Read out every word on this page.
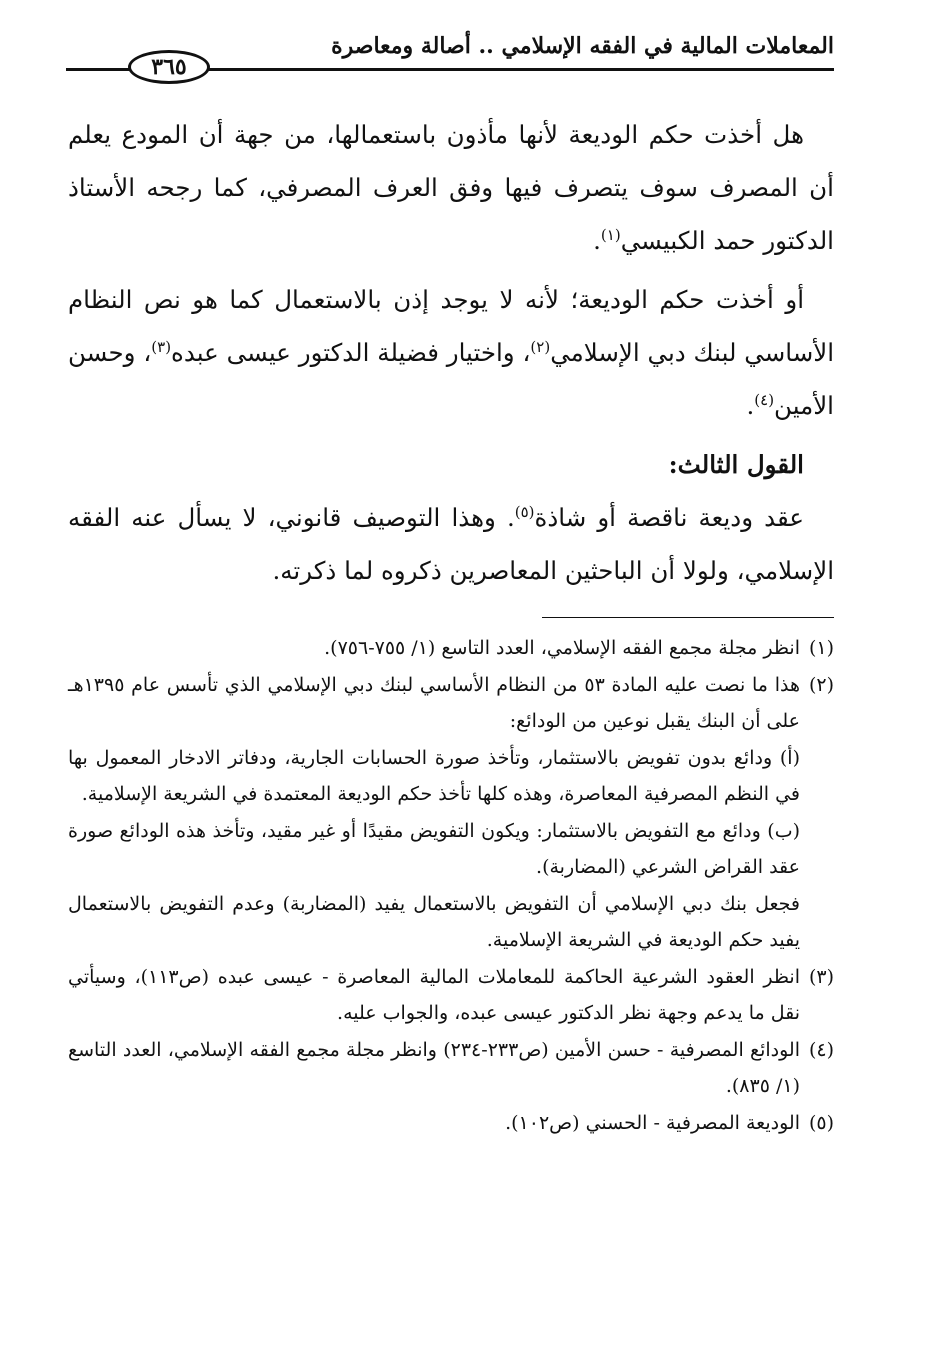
المعاملات المالية في الفقه الإسلامي .. أصالة ومعاصرة
٣٦٥

هل أخذت حكم الوديعة لأنها مأذون باستعمالها، من جهة أن المودع يعلم أن المصرف سوف يتصرف فيها وفق العرف المصرفي، كما رجحه الأستاذ الدكتور حمد الكبيسي$^{(١)}$.

أو أخذت حكم الوديعة؛ لأنه لا يوجد إذن بالاستعمال كما هو نص النظام الأساسي لبنك دبي الإسلامي$^{(٢)}$، واختيار فضيلة الدكتور عيسى عبده$^{(٣)}$، وحسن الأمين$^{(٤)}$.

القول الثالث:

عقد وديعة ناقصة أو شاذة$^{(٥)}$. وهذا التوصيف قانوني، لا يسأل عنه الفقه الإسلامي، ولولا أن الباحثين المعاصرين ذكروه لما ذكرته.

(١)
انظر مجلة مجمع الفقه الإسلامي، العدد التاسع (١/ ٧٥٥-٧٥٦).
(٢)
هذا ما نصت عليه المادة ٥٣ من النظام الأساسي لبنك دبي الإسلامي الذي تأسس عام ١٣٩٥هـ على أن البنك يقبل نوعين من الودائع:
(أ) ودائع بدون تفويض بالاستثمار، وتأخذ صورة الحسابات الجارية، ودفاتر الادخار المعمول بها في النظم المصرفية المعاصرة، وهذه كلها تأخذ حكم الوديعة المعتمدة في الشريعة الإسلامية.
(ب) ودائع مع التفويض بالاستثمار: ويكون التفويض مقيدًا أو غير مقيد، وتأخذ هذه الودائع صورة عقد القراض الشرعي (المضاربة).
فجعل بنك دبي الإسلامي أن التفويض بالاستعمال يفيد (المضاربة) وعدم التفويض بالاستعمال يفيد حكم الوديعة في الشريعة الإسلامية.
(٣)
انظر العقود الشرعية الحاكمة للمعاملات المالية المعاصرة - عيسى عبده (ص١١٣)، وسيأتي نقل ما يدعم وجهة نظر الدكتور عيسى عبده، والجواب عليه.
(٤)
الودائع المصرفية - حسن الأمين (ص٢٣٣-٢٣٤) وانظر مجلة مجمع الفقه الإسلامي، العدد التاسع (١/ ٨٣٥).
(٥)
الوديعة المصرفية - الحسني (ص١٠٢).
